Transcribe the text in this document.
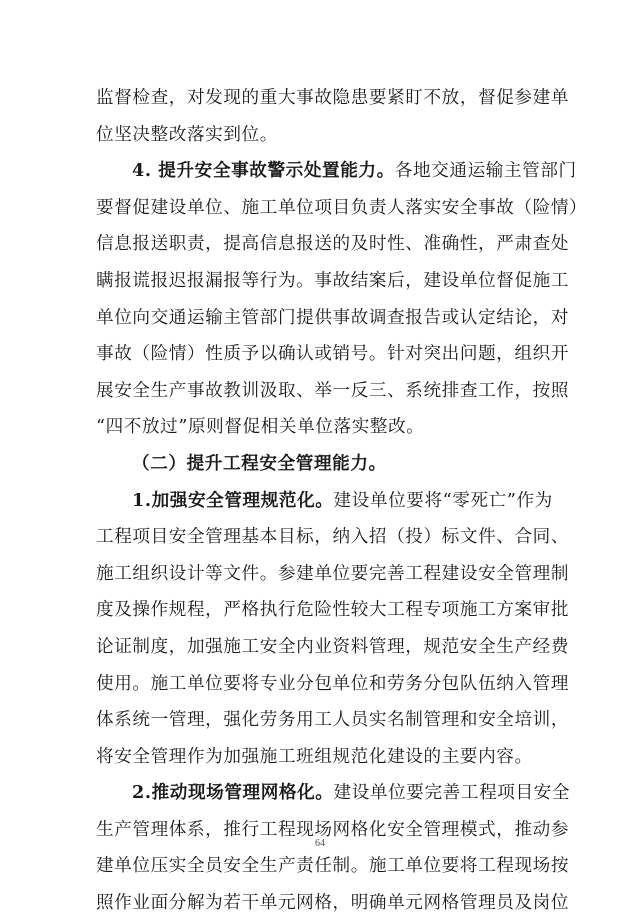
监督检查，对发现的重大事故隐患要紧盯不放，督促参建单
位坚决整改落实到位。
4. 提升安全事故警示处置能力。各地交通运输主管部门
要督促建设单位、施工单位项目负责人落实安全事故（险情）
信息报送职责，提高信息报送的及时性、准确性，严肃查处
瞒报谎报迟报漏报等行为。事故结案后，建设单位督促施工
单位向交通运输主管部门提供事故调查报告或认定结论，对
事故（险情）性质予以确认或销号。针对突出问题，组织开
展安全生产事故教训汲取、举一反三、系统排查工作，按照
“四不放过”原则督促相关单位落实整改。
（二）提升工程安全管理能力。
1.加强安全管理规范化。建设单位要将“零死亡”作为
工程项目安全管理基本目标，纳入招（投）标文件、合同、
施工组织设计等文件。参建单位要完善工程建设安全管理制
度及操作规程，严格执行危险性较大工程专项施工方案审批
论证制度，加强施工安全内业资料管理，规范安全生产经费
使用。施工单位要将专业分包单位和劳务分包队伍纳入管理
体系统一管理，强化劳务用工人员实名制管理和安全培训，
将安全管理作为加强施工班组规范化建设的主要内容。
2.推动现场管理网格化。建设单位要完善工程项目安全
生产管理体系，推行工程现场网格化安全管理模式，推动参
建单位压实全员安全生产责任制。施工单位要将工程现场按
照作业面分解为若干单元网格，明确单元网格管理员及岗位
64
